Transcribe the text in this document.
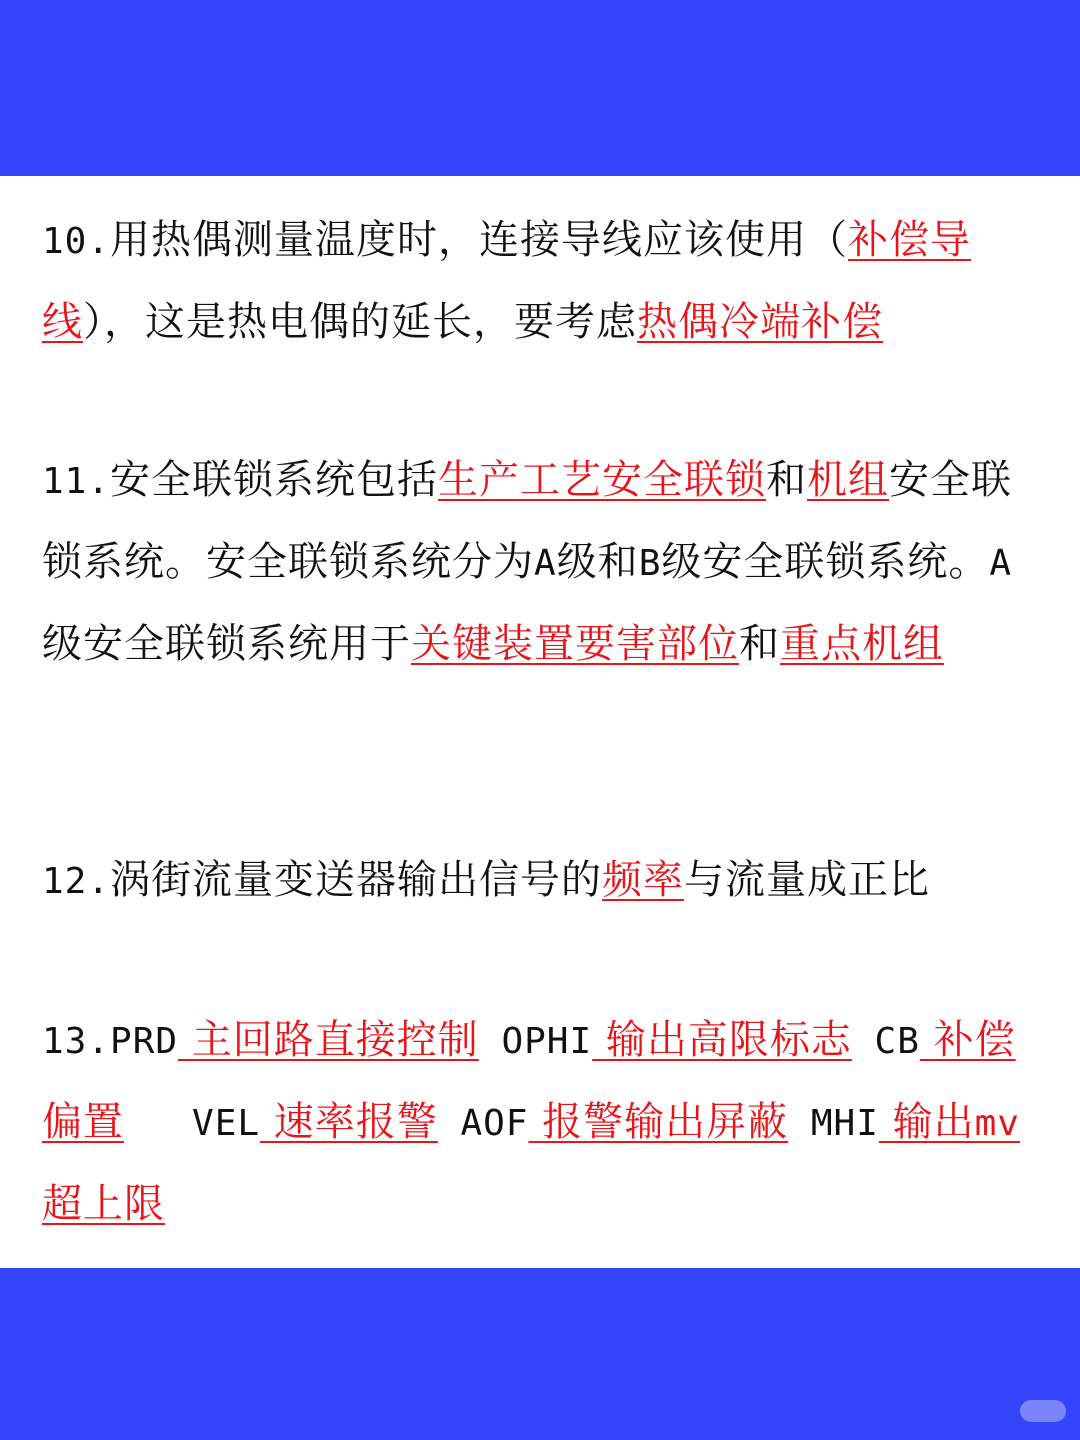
10.用热偶测量温度时，连接导线应该使用（补偿导线），这是热电偶的延长，要考虑热偶冷端补偿

11.安全联锁系统包括生产工艺安全联锁和机组安全联锁系统。安全联锁系统分为A级和B级安全联锁系统。A级安全联锁系统用于关键装置要害部位和重点机组

12.涡街流量变送器输出信号的频率与流量成正比

13.PRD 主回路直接控制 OPHI 输出高限标志 CB 补偿偏置   VEL 速率报警 AOF 报警输出屏蔽 MHI 输出mv 超上限
